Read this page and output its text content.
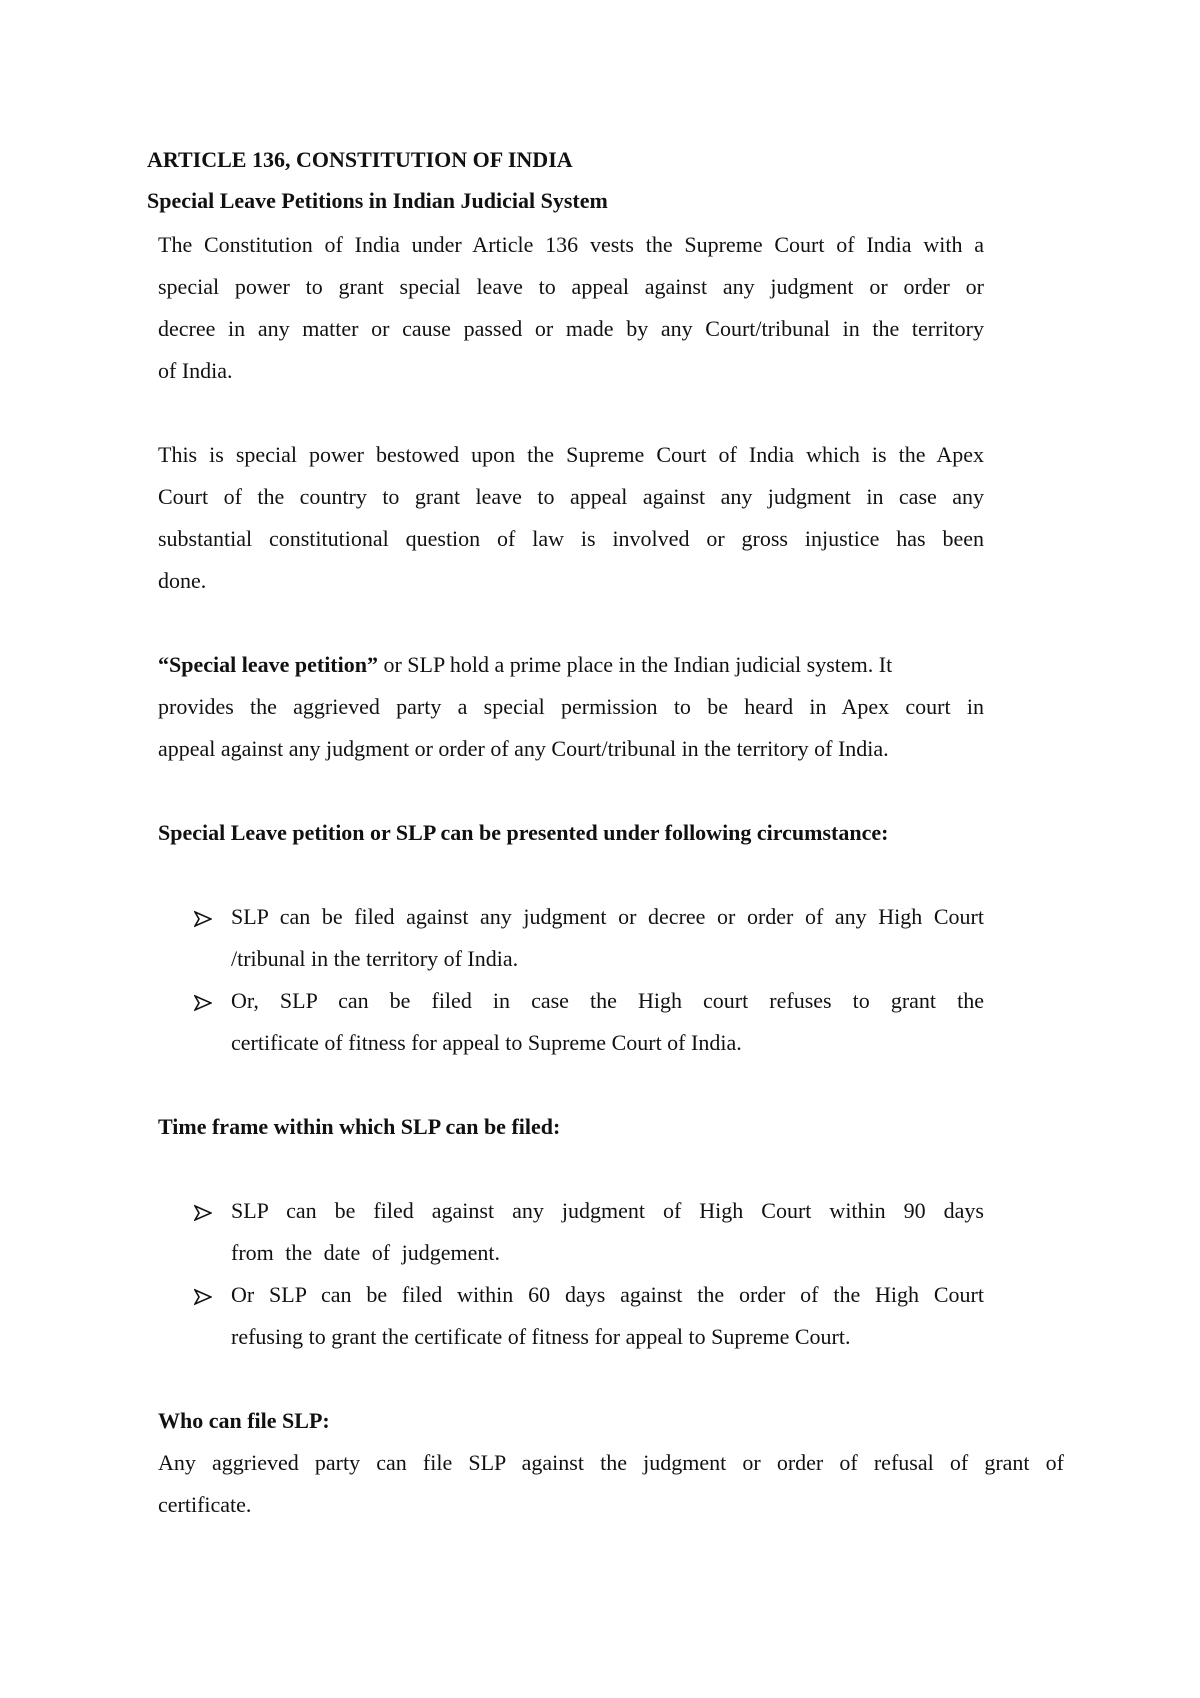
ARTICLE 136, CONSTITUTION OF INDIA
Special Leave Petitions in Indian Judicial System
The Constitution of India under Article 136 vests the Supreme Court of India with a
special power to grant special leave to appeal against any judgment or order or
decree in any matter or cause passed or made by any Court/tribunal in the territory
of India.
This is special power bestowed upon the Supreme Court of India which is the Apex
Court of the country to grant leave to appeal against any judgment in case any
substantial constitutional question of law is involved or gross injustice has been
done.
“Special leave petition” or SLP hold a prime place in the Indian judicial system. It
provides the aggrieved party a special permission to be heard in Apex court in
appeal against any judgment or order of any Court/tribunal in the territory of India.
Special Leave petition or SLP can be presented under following circumstance:
SLP can be filed against any judgment or decree or order of any High Court
/tribunal in the territory of India.
Or, SLP can be filed in case the High court refuses to grant the
certificate of fitness for appeal to Supreme Court of India.
Time frame within which SLP can be filed:
SLP can be filed against any judgment of High Court within 90 days
from the date of judgement.
Or SLP can be filed within 60 days against the order of the High Court
refusing to grant the certificate of fitness for appeal to Supreme Court.
Who can file SLP:
Any aggrieved party can file SLP against the judgment or order of refusal of grant of
certificate.
